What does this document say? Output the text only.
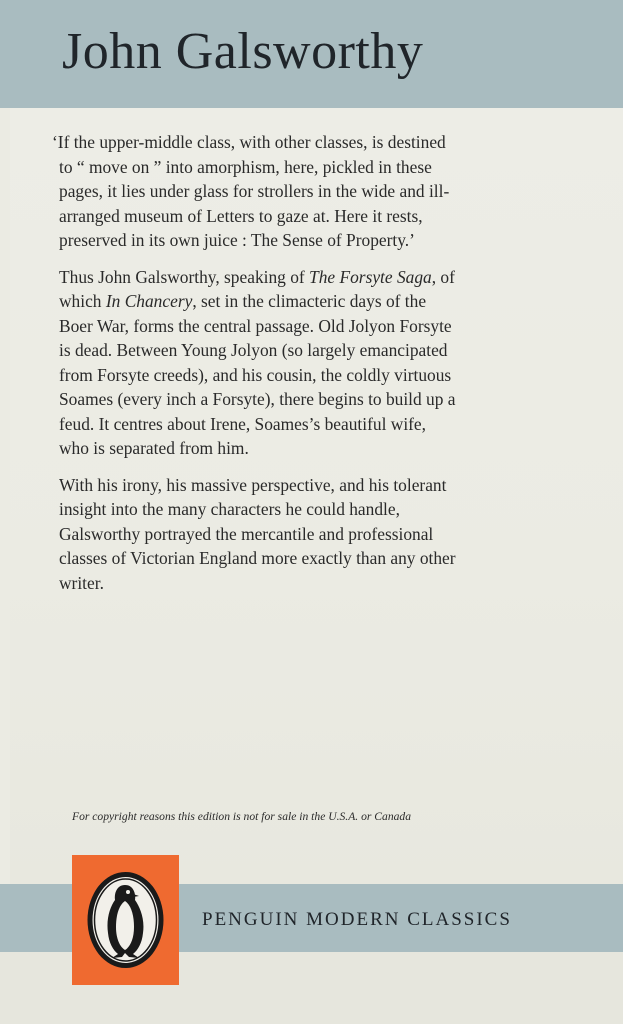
John Galsworthy

‘If the upper-middle class, with other classes, is destined to “ move on ” into amorphism, here, pickled in these pages, it lies under glass for strollers in the wide and ill-arranged museum of Letters to gaze at. Here it rests, preserved in its own juice : The Sense of Property.’

Thus John Galsworthy, speaking of The Forsyte Saga, of which In Chancery, set in the climacteric days of the Boer War, forms the central passage. Old Jolyon Forsyte is dead. Between Young Jolyon (so largely emancipated from Forsyte creeds), and his cousin, the coldly virtuous Soames (every inch a Forsyte), there begins to build up a feud. It centres about Irene, Soames’s beautiful wife, who is separated from him.

With his irony, his massive perspective, and his tolerant insight into the many characters he could handle, Galsworthy portrayed the mercantile and professional classes of Victorian England more exactly than any other writer.

For copyright reasons this edition is not for sale in the U.S.A. or Canada
PENGUIN MODERN CLASSICS
